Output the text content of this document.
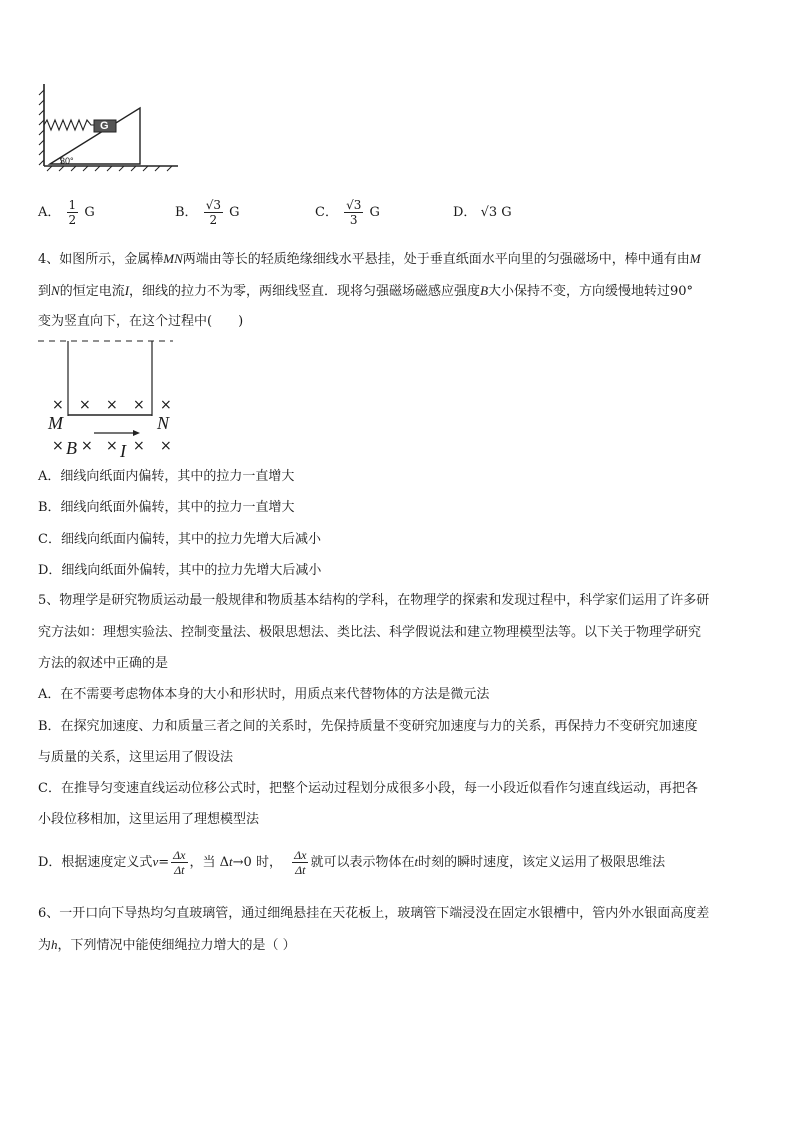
G
30°
A． $\frac{1}{2}$ G	B． $\frac{√3}{2}$ G	C． $\frac{√3}{3}$ G	D． √3 G
4、如图所示，金属棒MN两端由等长的轻质绝缘细线水平悬挂，处于垂直纸面水平向里的匀强磁场中，棒中通有由M
到N的恒定电流I，细线的拉力不为零，两细线竖直．现将匀强磁场磁感应强度B大小保持不变，方向缓慢地转过90°
变为竖直向下，在这个过程中(　　)
× × × × ×
M	N
× B × × I × ×
A．细线向纸面内偏转，其中的拉力一直增大
B．细线向纸面外偏转，其中的拉力一直增大
C．细线向纸面内偏转，其中的拉力先增大后减小
D．细线向纸面外偏转，其中的拉力先增大后减小
5、物理学是研究物质运动最一般规律和物质基本结构的学科，在物理学的探索和发现过程中，科学家们运用了许多研
究方法如：理想实验法、控制变量法、极限思想法、类比法、科学假说法和建立物理模型法等。以下关于物理学研究
方法的叙述中正确的是
A．在不需要考虑物体本身的大小和形状时，用质点来代替物体的方法是微元法
B．在探究加速度、力和质量三者之间的关系时，先保持质量不变研究加速度与力的关系，再保持力不变研究加速度
与质量的关系，这里运用了假设法
C．在推导匀变速直线运动位移公式时，把整个运动过程划分成很多小段，每一小段近似看作匀速直线运动，再把各
小段位移相加，这里运用了理想模型法
D．根据速度定义式$v= \frac{\Delta x}{\Delta t}$ ，当 Δt→0 时， $\frac{\Delta x}{\Delta t}$ 就可以表示物体在t时刻的瞬时速度，该定义运用了极限思维法
6、一开口向下导热均匀直玻璃管，通过细绳悬挂在天花板上，玻璃管下端浸没在固定水银槽中，管内外水银面高度差
为h，下列情况中能使细绳拉力增大的是（ ）
